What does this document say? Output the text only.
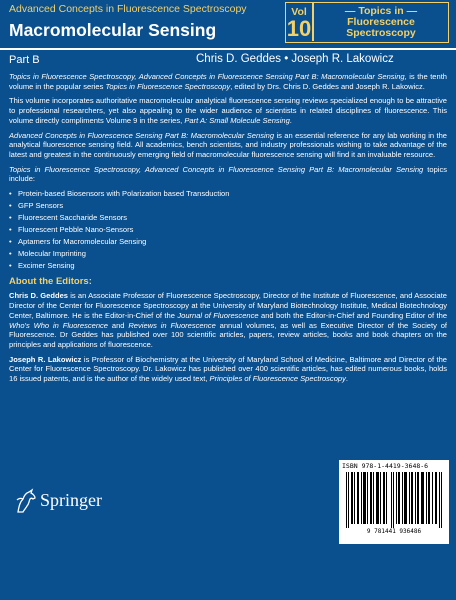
Advanced Concepts in Fluorescence Spectroscopy
Macromolecular Sensing
Vol
10
— Topics in —
Fluorescence
Spectroscopy
Part B	Chris D. Geddes • Joseph R. Lakowicz

Topics in Fluorescence Spectroscopy, Advanced Concepts in Fluorescence Sensing Part B: Macromolecular Sensing, is the tenth volume in the popular series Topics in Fluorescence Spectroscopy, edited by Drs. Chris D. Geddes and Joseph R. Lakowicz.

This volume incorporates authoritative macromolecular analytical fluorescence sensing reviews specialized enough to be attractive to professional researchers, yet also appealing to the wider audience of scientists in related disciplines of fluorescence. This volume directly compliments Volume 9 in the series, Part A: Small Molecule Sensing.

Advanced Concepts in Fluorescence Sensing Part B: Macromolecular Sensing is an essential reference for any lab working in the analytical fluorescence sensing field. All academics, bench scientists, and industry professionals wishing to take advantage of the latest and greatest in the continuously emerging field of macromolecular fluorescence sensing will find it an invaluable resource.

Topics in Fluorescence Spectroscopy, Advanced Concepts in Fluorescence Sensing Part B: Macromolecular Sensing topics include:

• Protein-based Biosensors with Polarization based Transduction
• GFP Sensors
• Fluorescent Saccharide Sensors
• Fluorescent Pebble Nano-Sensors
• Aptamers for Macromolecular Sensing
• Molecular Imprinting
• Excimer Sensing
About the Editors:

Chris D. Geddes is an Associate Professor of Fluorescence Spectroscopy, Director of the Institute of Fluorescence, and Associate Director of the Center for Fluorescence Spectroscopy at the University of Maryland Biotechnology Institute, Medical Biotechnology Center, Baltimore. He is the Editor-in-Chief of the Journal of Fluorescence and both the Editor-in-Chief and Founding Editor of the Who's Who in Fluorescence and Reviews in Fluorescence annual volumes, as well as Executive Director of the Society of Fluorescence. Dr Geddes has published over 100 scientific articles, papers, review articles, books and book chapters on the principles and applications of fluorescence.

Joseph R. Lakowicz is Professor of Biochemistry at the University of Maryland School of Medicine, Baltimore and Director of the Center for Fluorescence Spectroscopy. Dr. Lakowicz has published over 400 scientific articles, has edited numerous books, holds 16 issued patents, and is the author of the widely used text, Principles of Fluorescence Spectroscopy.

Springer
ISBN 978-1-4419-3648-6
9 781441 936486
